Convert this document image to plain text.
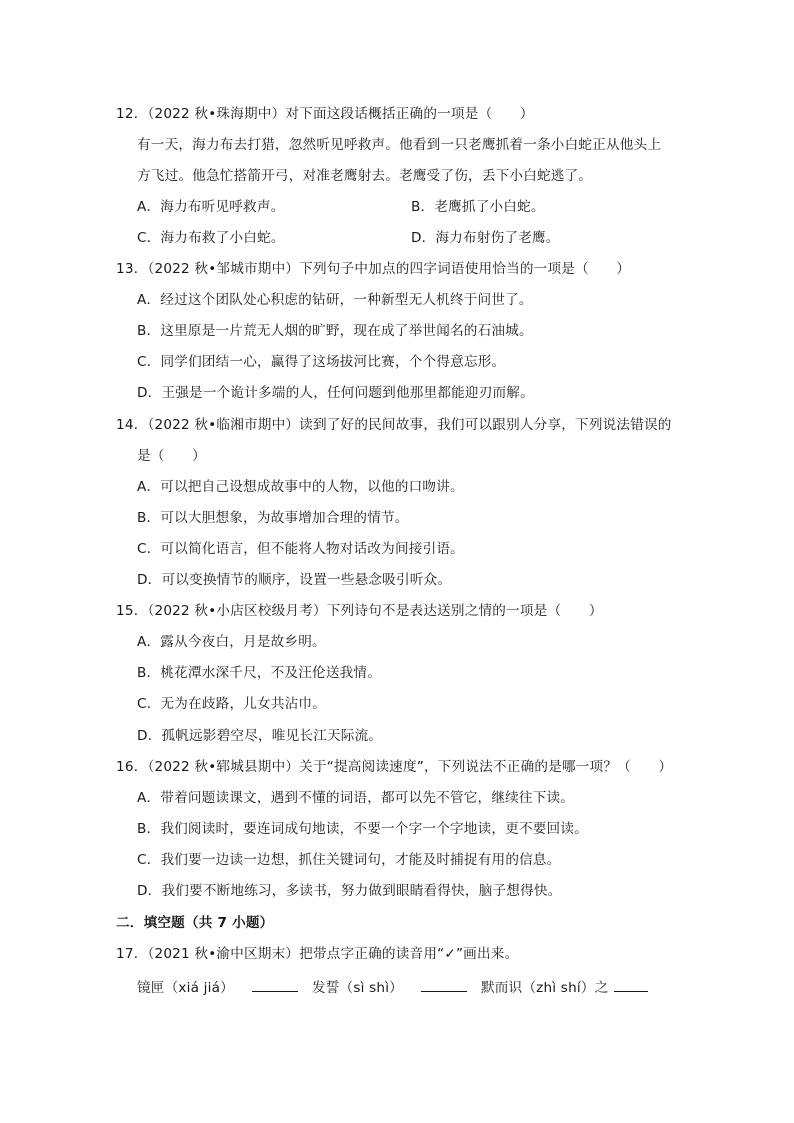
12．（2022 秋•珠海期中）对下面这段话概括正确的一项是（　　）
有一天，海力布去打猎，忽然听见呼救声。他看到一只老鹰抓着一条小白蛇正从他头上
方飞过。他急忙搭箭开弓，对准老鹰射去。老鹰受了伤，丢下小白蛇逃了。
A．海力布听见呼救声。	B．老鹰抓了小白蛇。
C．海力布救了小白蛇。	D．海力布射伤了老鹰。
13．（2022 秋•邹城市期中）下列句子中加点的四字词语使用恰当的一项是（　　）
A．经过这个团队处心积虑的钻研，一种新型无人机终于问世了。
B．这里原是一片荒无人烟的旷野，现在成了举世闻名的石油城。
C．同学们团结一心，赢得了这场拔河比赛，个个得意忘形。
D．王强是一个诡计多端的人，任何问题到他那里都能迎刃而解。
14．（2022 秋•临湘市期中）读到了好的民间故事，我们可以跟别人分享，下列说法错误的
是（　　）
A．可以把自己设想成故事中的人物，以他的口吻讲。
B．可以大胆想象，为故事增加合理的情节。
C．可以简化语言，但不能将人物对话改为间接引语。
D．可以变换情节的顺序，设置一些悬念吸引听众。
15．（2022 秋•小店区校级月考）下列诗句不是表达送别之情的一项是（　　）
A．露从今夜白，月是故乡明。
B．桃花潭水深千尺，不及汪伦送我情。
C．无为在歧路，儿女共沾巾。
D．孤帆远影碧空尽，唯见长江天际流。
16．（2022 秋•郓城县期中）关于“提高阅读速度”，下列说法不正确的是哪一项？（　　）
A．带着问题读课文，遇到不懂的词语，都可以先不管它，继续往下读。
B．我们阅读时，要连词成句地读，不要一个字一个字地读，更不要回读。
C．我们要一边读一边想，抓住关键词句，才能及时捕捉有用的信息。
D．我们要不断地练习，多读书，努力做到眼睛看得快，脑子想得快。
二．填空题（共 7 小题）
17．（2021 秋•渝中区期末）把带点字正确的读音用“✓”画出来。
镜匣（xiá jiá）	发誓（sì shì）	默而识（zhì shí）之
